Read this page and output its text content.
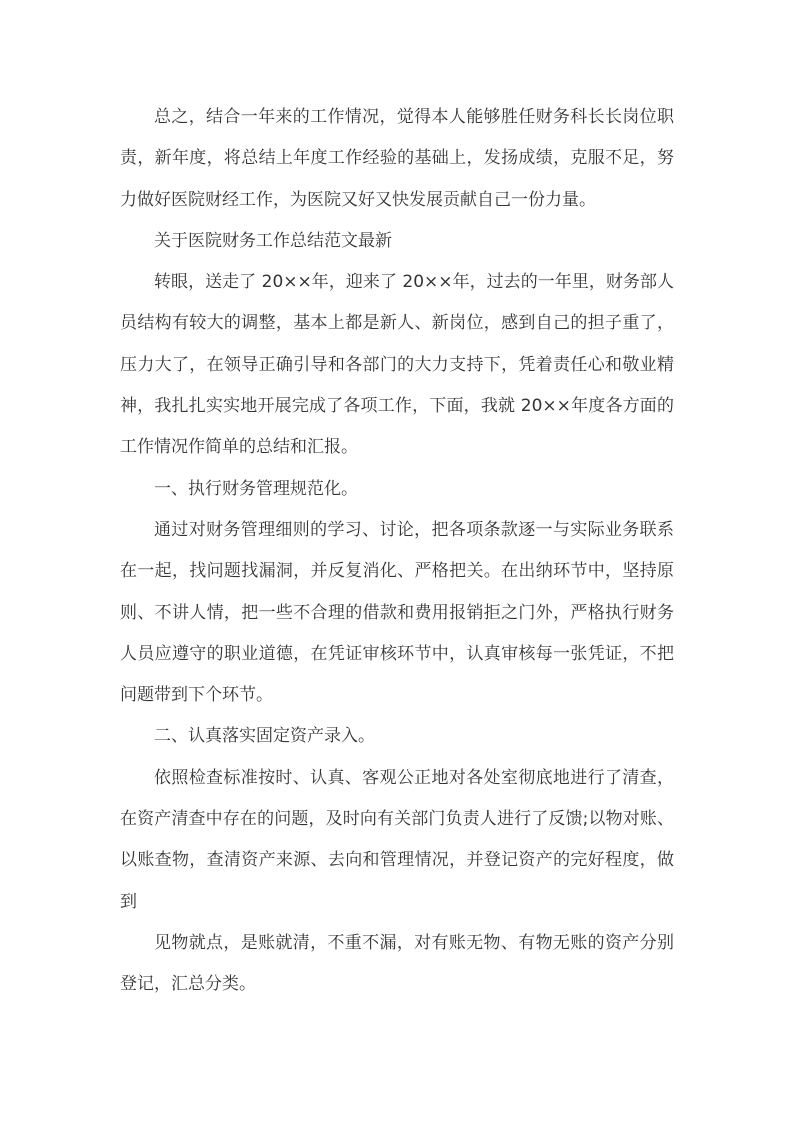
总之，结合一年来的工作情况，觉得本人能够胜任财务科长长岗位职责，新年度，将总结上年度工作经验的基础上，发扬成绩，克服不足，努力做好医院财经工作，为医院又好又快发展贡献自己一份力量。

关于医院财务工作总结范文最新

转眼，送走了 20××年，迎来了 20××年，过去的一年里，财务部人员结构有较大的调整，基本上都是新人、新岗位，感到自己的担子重了，压力大了，在领导正确引导和各部门的大力支持下，凭着责任心和敬业精神，我扎扎实实地开展完成了各项工作，下面，我就 20××年度各方面的工作情况作简单的总结和汇报。

一、执行财务管理规范化。

通过对财务管理细则的学习、讨论，把各项条款逐一与实际业务联系在一起，找问题找漏洞，并反复消化、严格把关。在出纳环节中，坚持原则、不讲人情，把一些不合理的借款和费用报销拒之门外，严格执行财务人员应遵守的职业道德，在凭证审核环节中，认真审核每一张凭证，不把问题带到下个环节。

二、认真落实固定资产录入。

依照检查标准按时、认真、客观公正地对各处室彻底地进行了清查，在资产清查中存在的问题，及时向有关部门负责人进行了反馈;以物对账、以账查物，查清资产来源、去向和管理情况，并登记资产的完好程度，做到

见物就点，是账就清，不重不漏，对有账无物、有物无账的资产分别登记，汇总分类。
